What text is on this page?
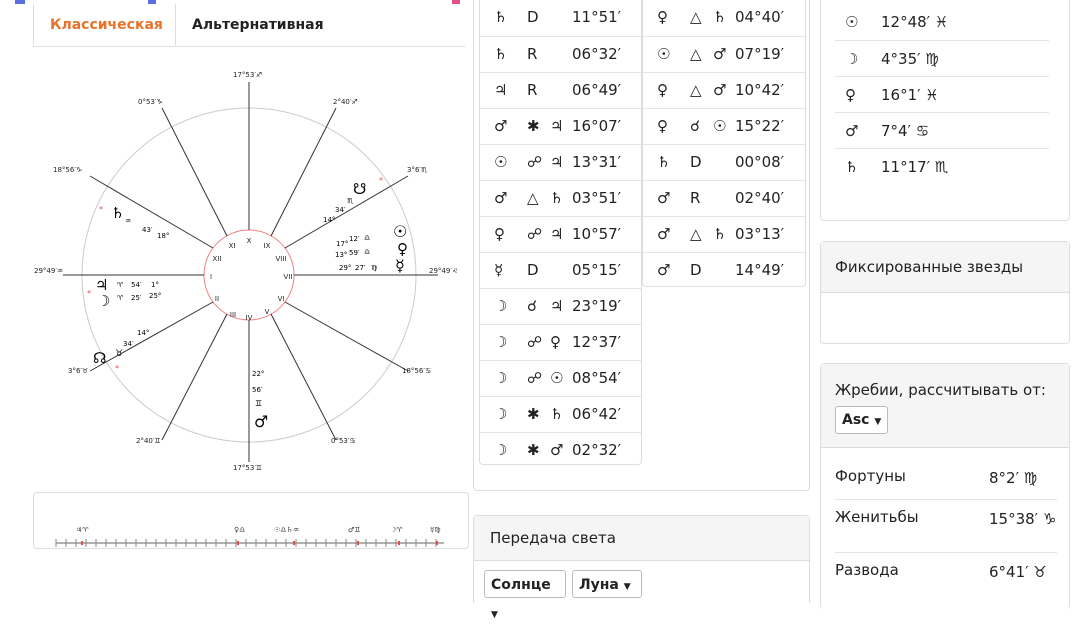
Классическая	Альтернативная
17°53′♐
0°53′♑	2°40′♐
18°56′♑	3°6′♏
29°49′♒	29°49′♌
3°6′♉	18°56′♋
2°40′♊	0°53′♋
17°53′♊
I
II
III IV
V
VI
VII
VIII
IX
X
XI
XII
*
*
*
*
♄ ♒
43′
18°
♃ ♈ 54′ 1°
☽ ♈ 25′ 25°
☊ ♉
34′
14°
☋
♏
34′
14°
☉
17°
12′ ♎
♀
13° 59′ ♎
☿
29° 27′ ♍
22°
56′
♊
♂
♃♈	♀♎	☉♎♄♒	♂♊	☽♈	☿♍
♄ D 11°51′
♄ R 06°32′
♃ R 06°49′
♂ ✱ ♃ 16°07′
☉ ☍ ♃ 13°31′
♂ △ ♄ 03°51′
♀ ☍ ♃ 10°57′
☿ D 05°15′
☽ ☌ ♃ 23°19′
☽ ☍ ♀ 12°37′
☽ ☍ ☉ 08°54′
☽ ✱ ♄ 06°42′
☽ ✱ ♂ 02°32′
♀ △ ♄ 04°40′
☉ △ ♂ 07°19′
♀ △ ♂ 10°42′
♀ ☌ ☉ 15°22′
♄ D 00°08′
♂ R 02°40′
♂ △ ♄ 03°13′
♂ D 14°49′
Передача света
Солнце ▼
Луна ▼
☉ 12°48′ ♓
☽ 4°35′ ♍
♀ 16°1′ ♓
♂ 7°4′ ♋
♄ 11°17′ ♏
Фиксированные звезды
Жребии, рассчитывать от:
Asc ▼
Фортуны	8°2′ ♍
Женитьбы	15°38′ ♑
Развода	6°41′ ♉
